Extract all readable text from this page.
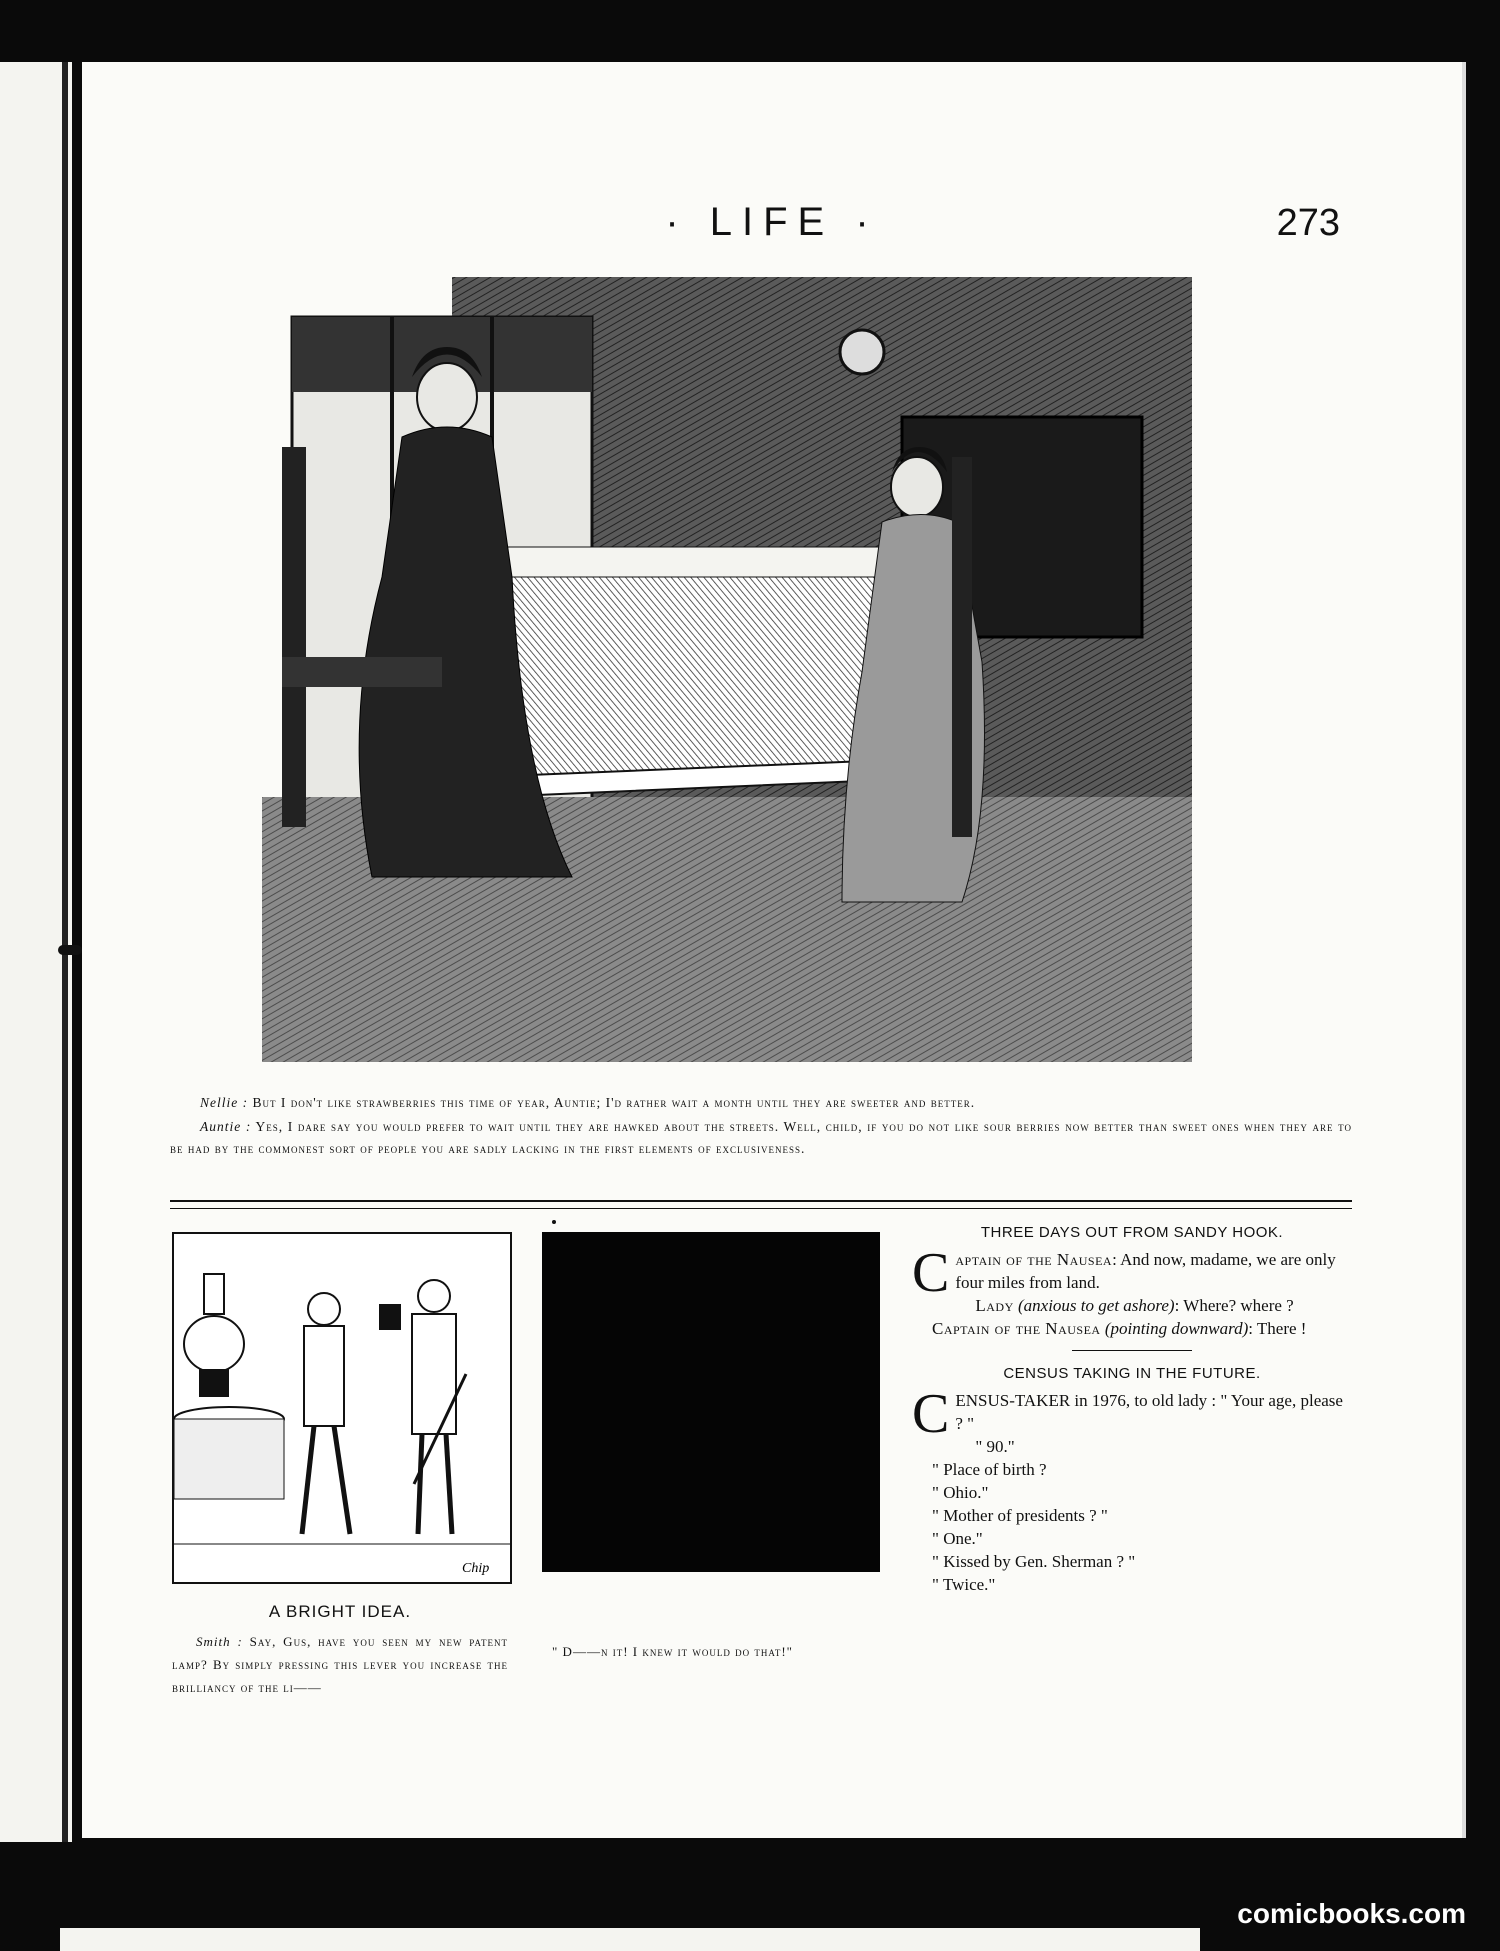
· LIFE ·	273

Nellie : But I don't like strawberries this time of year, Auntie; I'd rather wait a month until they are sweeter and better.

Auntie : Yes, I dare say you would prefer to wait until they are hawked about the streets. Well, child, if you do not like sour berries now better than sweet ones when they are to be had by the commonest sort of people you are sadly lacking in the first elements of exclusiveness.

Chip
A BRIGHT IDEA.
Smith : Say, Gus, have you seen my new patent lamp? By simply pressing this lever you increase the brilliancy of the li——
" D——n it! I knew it would do that!"
THREE DAYS OUT FROM SANDY HOOK.

Captain of the Nausea: And now, madame, we are only four miles from land.

Lady (anxious to get ashore): Where? where ?

Captain of the Nausea (pointing downward): There !

CENSUS TAKING IN THE FUTURE.

CENSUS-TAKER in 1976, to old lady : " Your age, please ? "

" 90."

" Place of birth ?

" Ohio."

" Mother of presidents ? "

" One."

" Kissed by Gen. Sherman ? "

" Twice."

comicbooks.com
